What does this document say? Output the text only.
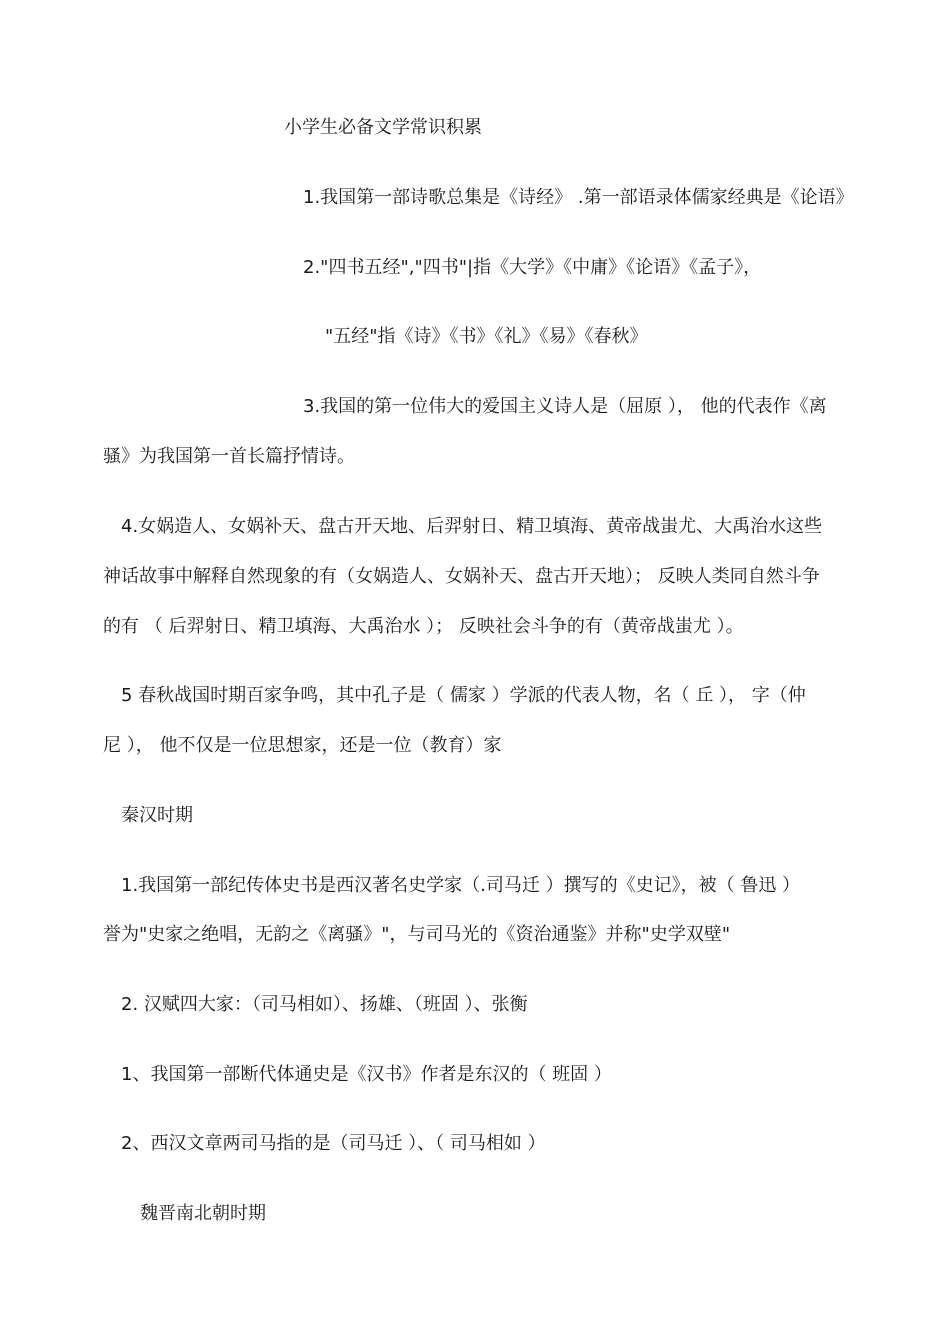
小学生必备文学常识积累
1.我国第一部诗歌总集是《诗经》 .第一部语录体儒家经典是《论语》
2."四书五经","四书"|指《大学》《中庸》《论语》《孟子》，
"五经"指《诗》《书》《礼》《易》《春秋》
3.我国的第一位伟大的爱国主义诗人是（屈原 ）， 他的代表作《离
骚》为我国第一首长篇抒情诗。
4.女娲造人、女娲补天、盘古开天地、后羿射日、精卫填海、黄帝战蚩尤、大禹治水这些
神话故事中解释自然现象的有（女娲造人、女娲补天、盘古开天地）； 反映人类同自然斗争
的有 （ 后羿射日、精卫填海、大禹治水 ）； 反映社会斗争的有（黄帝战蚩尤 ）。
5 春秋战国时期百家争鸣，其中孔子是（ 儒家 ）学派的代表人物，名（ 丘 ）， 字（仲
尼 ）， 他不仅是一位思想家，还是一位（教育）家
秦汉时期
1.我国第一部纪传体史书是西汉著名史学家（.司马迁 ）撰写的《史记》，被（ 鲁迅 ）
誉为"史家之绝唱，无韵之《离骚》"，与司马光的《资治通鉴》并称"史学双壁"
2. 汉赋四大家：（司马相如）、扬雄、（班固 ）、张衡
1、我国第一部断代体通史是《汉书》作者是东汉的（ 班固 ）
2、西汉文章两司马指的是（司马迁 ）、（ 司马相如 ）
魏晋南北朝时期
